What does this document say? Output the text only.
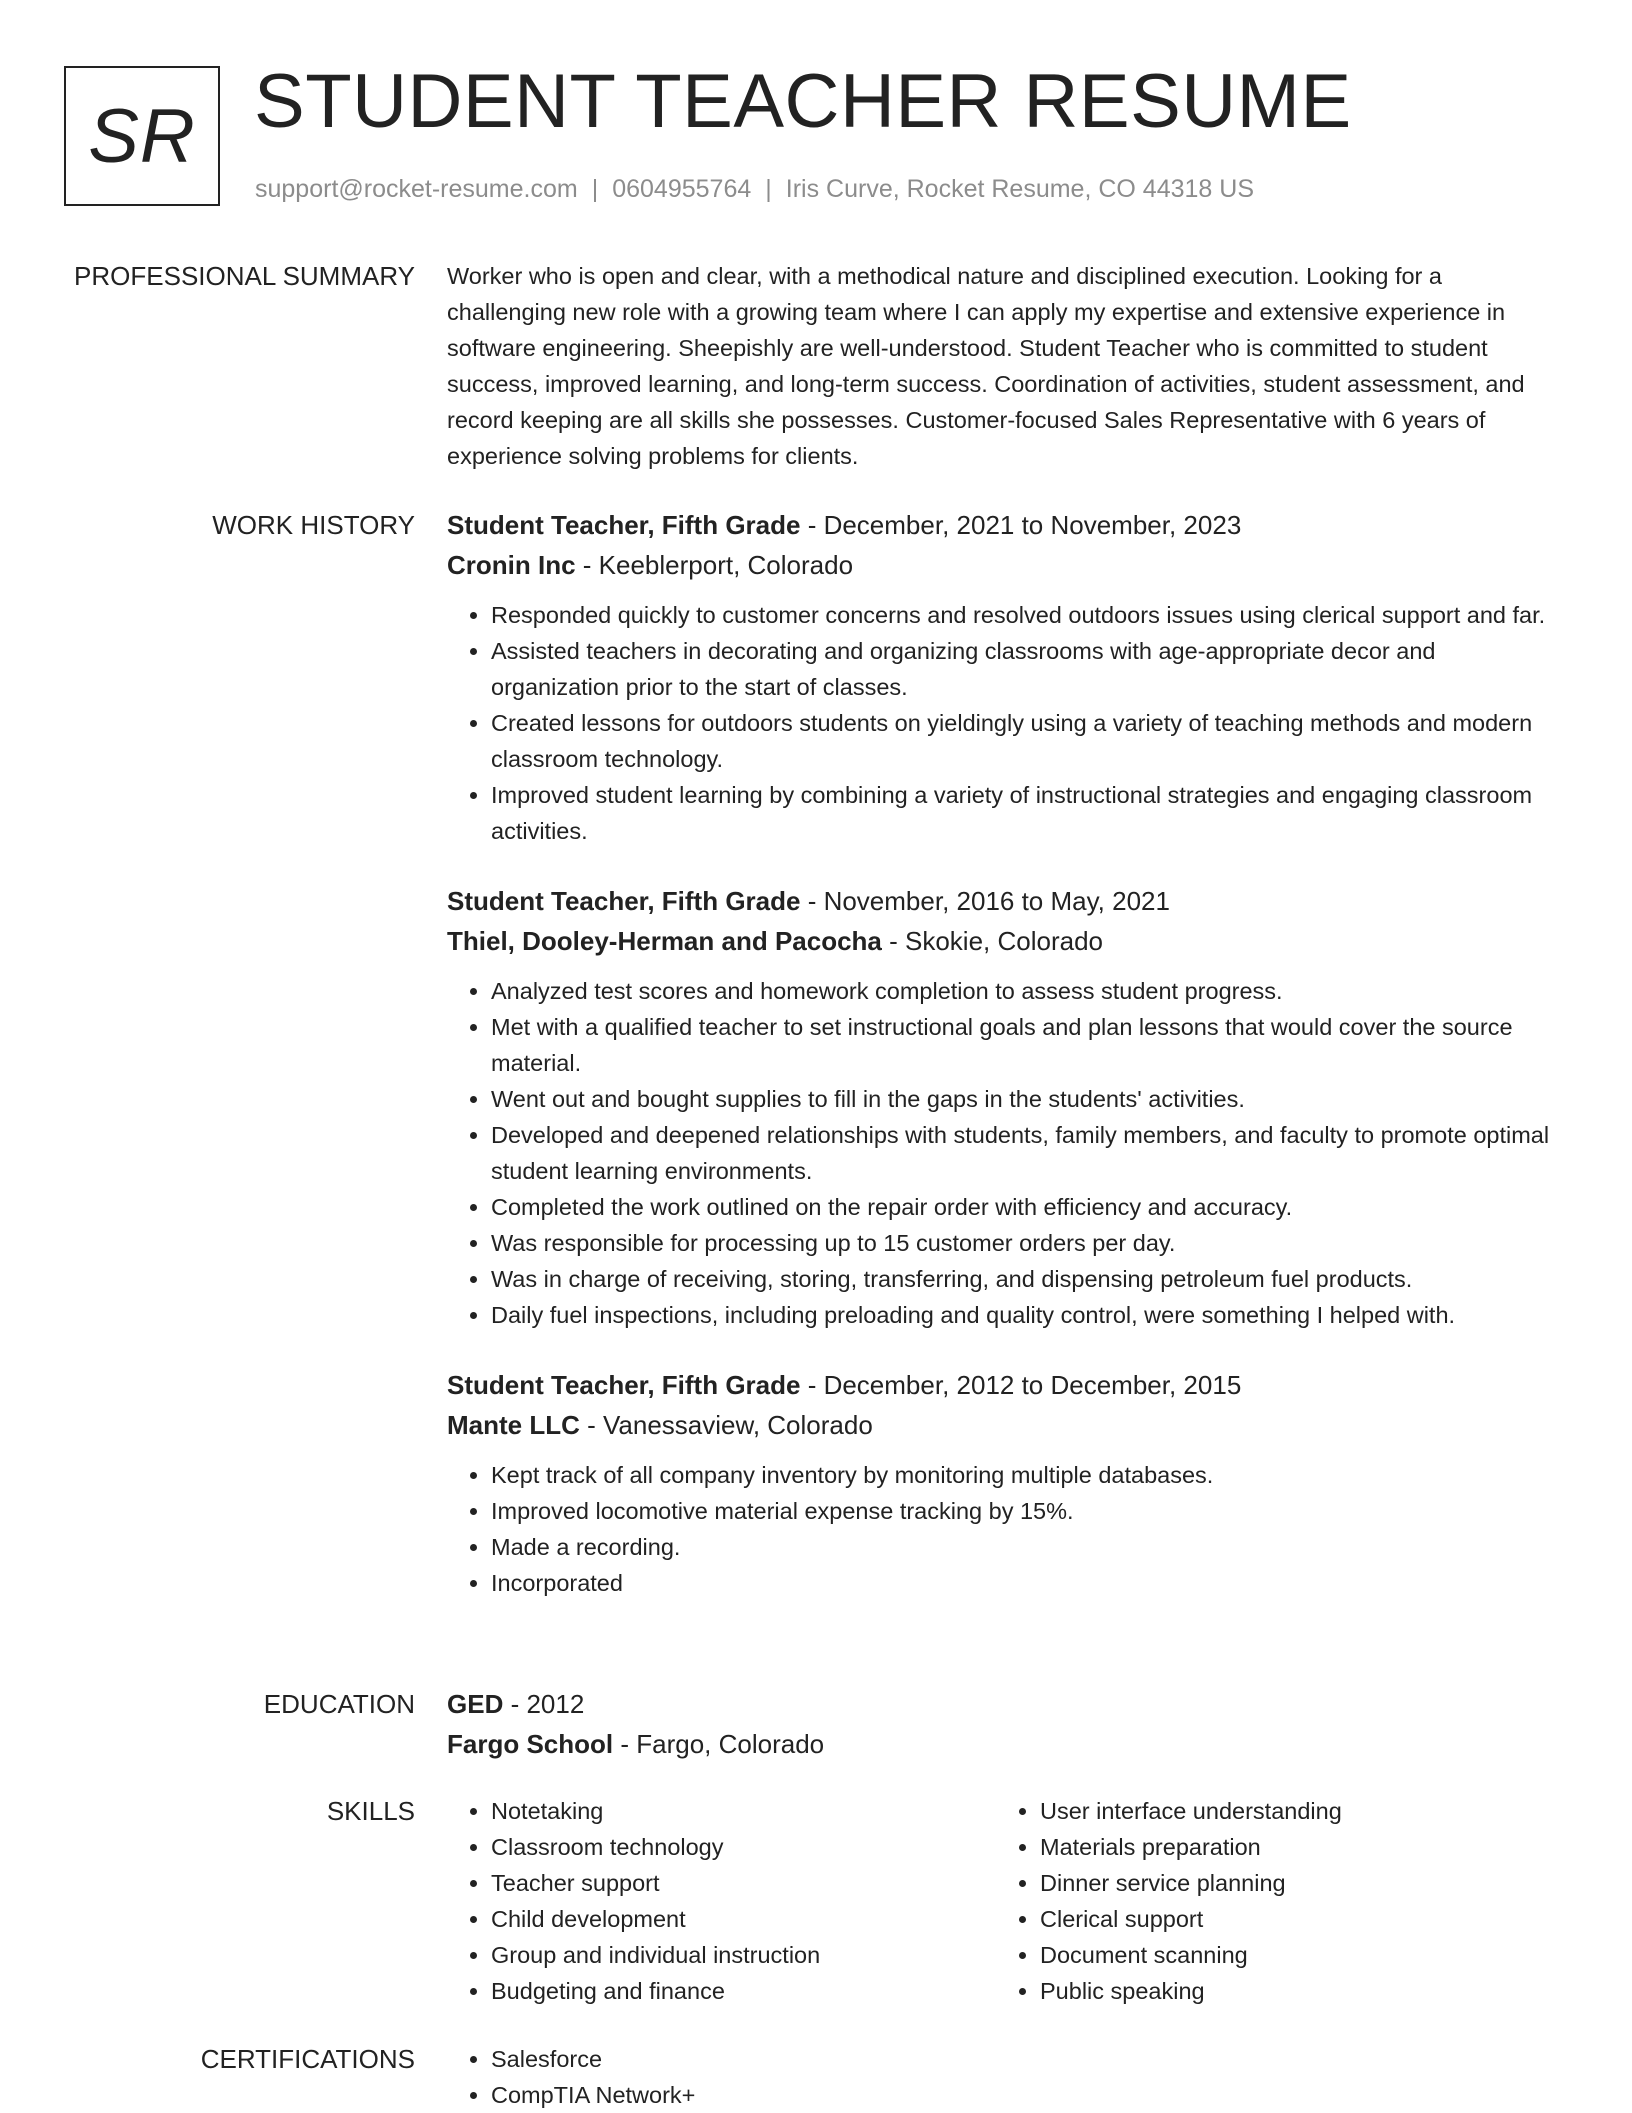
SR STUDENT TEACHER RESUME
support@rocket-resume.com | 0604955764 | Iris Curve, Rocket Resume, CO 44318 US
PROFESSIONAL SUMMARY Worker who is open and clear, with a methodical nature and disciplined execution. Looking for a challenging new role with a growing team where I can apply my expertise and extensive experience in software engineering. Sheepishly are well-understood. Student Teacher who is committed to student success, improved learning, and long-term success. Coordination of activities, student assessment, and record keeping are all skills she possesses. Customer-focused Sales Representative with 6 years of experience solving problems for clients.

WORK HISTORY Student Teacher, Fifth Grade - December, 2021 to November, 2023
Cronin Inc - Keeblerport, Colorado
• Responded quickly to customer concerns and resolved outdoors issues using clerical support and far.
• Assisted teachers in decorating and organizing classrooms with age-appropriate decor and organization prior to the start of classes.
• Created lessons for outdoors students on yieldingly using a variety of teaching methods and modern classroom technology.
• Improved student learning by combining a variety of instructional strategies and engaging classroom activities.
Student Teacher, Fifth Grade - November, 2016 to May, 2021
Thiel, Dooley-Herman and Pacocha - Skokie, Colorado
• Analyzed test scores and homework completion to assess student progress.
• Met with a qualified teacher to set instructional goals and plan lessons that would cover the source material.
• Went out and bought supplies to fill in the gaps in the students' activities.
• Developed and deepened relationships with students, family members, and faculty to promote optimal student learning environments.
• Completed the work outlined on the repair order with efficiency and accuracy.
• Was responsible for processing up to 15 customer orders per day.
• Was in charge of receiving, storing, transferring, and dispensing petroleum fuel products.
• Daily fuel inspections, including preloading and quality control, were something I helped with.
Student Teacher, Fifth Grade - December, 2012 to December, 2015
Mante LLC - Vanessaview, Colorado
• Kept track of all company inventory by monitoring multiple databases.
• Improved locomotive material expense tracking by 15%.
• Made a recording.
• Incorporated
EDUCATION GED - 2012
Fargo School - Fargo, Colorado
SKILLS	• Notetaking
• Classroom technology
• Teacher support
• Child development
• Group and individual instruction
• Budgeting and finance
• User interface understanding
• Materials preparation
• Dinner service planning
• Clerical support
• Document scanning
• Public speaking
CERTIFICATIONS	• Salesforce
• CompTIA Network+
